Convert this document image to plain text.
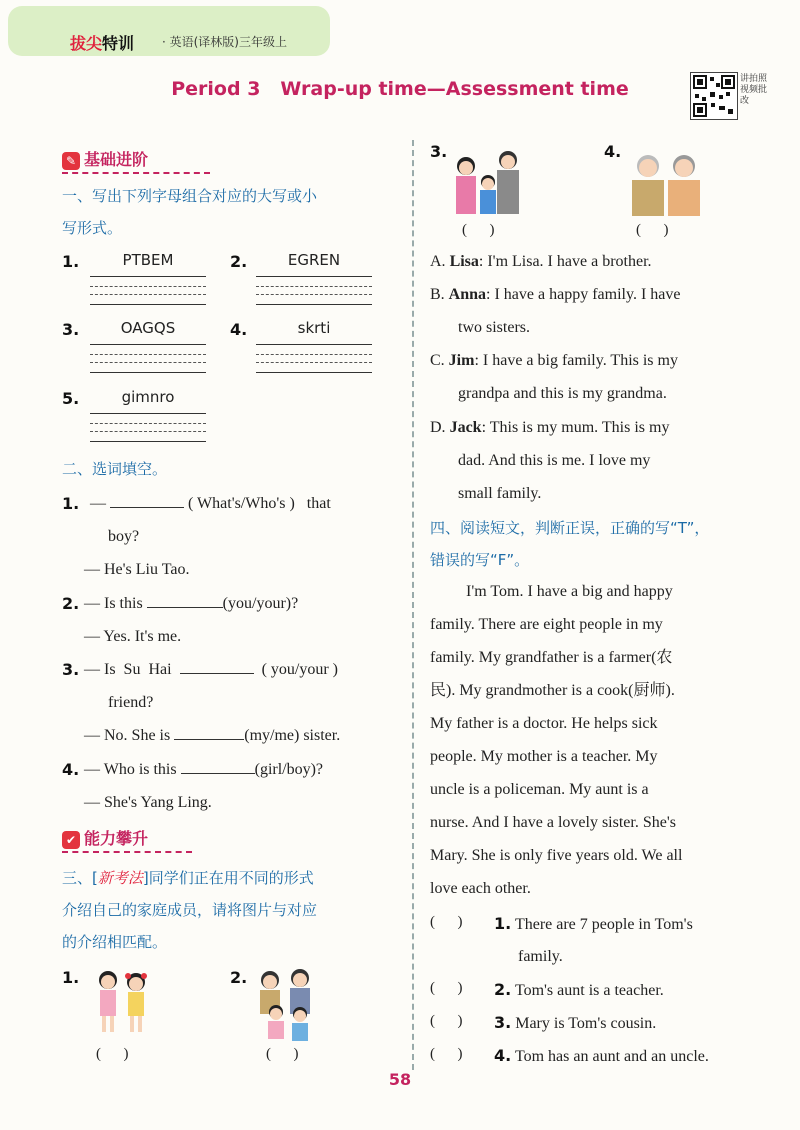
拔尖特训 · 英语(译林版)三年级上
Period 3 Wrap-up time—Assessment time	讲拍照视频批改
✎ 基础进阶
一、写出下列字母组合对应的大写或小
写形式。
1.	PTBEM	2.	EGREN
3.	OAGQS	4.	skrti
5.	gimnro
二、选词填空。
1. —	( What's/Who's )   that
boy?
— He's Liu Tao.
2. — Is this	(you/your)?
— Yes. It's me.
3. — Is  Su  Hai	( you/your )
friend?
— No. She is	(my/me) sister.
4. — Who is this	(girl/boy)?
— She's Yang Ling.
✔ 能力攀升
三、[新考法]同学们正在用不同的形式
介绍自己的家庭成员，请将图片与对应
的介绍相匹配。
1.
(      )
2.
(      )
3.
(      )
4.
(      )
A. Lisa: I'm Lisa. I have a brother.
B. Anna: I have a happy family. I have
two sisters.
C. Jim: I have a big family. This is my
grandpa and this is my grandma.
D. Jack: This is my mum. This is my
dad. And this is me. I love my
small family.
四、阅读短文，判断正误，正确的写“T”，
错误的写“F”。
I'm Tom. I have a big and happy
family. There are eight people in my
family. My grandfather is a farmer(农
民). My grandmother is a cook(厨师).
My father is a doctor. He helps sick
people. My mother is a teacher. My
uncle is a policeman. My aunt is a
nurse. And I have a lovely sister. She's
Mary. She is only five years old. We all
love each other.
(      ) 1. There are 7 people in Tom's
family.
(      ) 2. Tom's aunt is a teacher.
(      ) 3. Mary is Tom's cousin.
(      ) 4. Tom has an aunt and an uncle.
58
